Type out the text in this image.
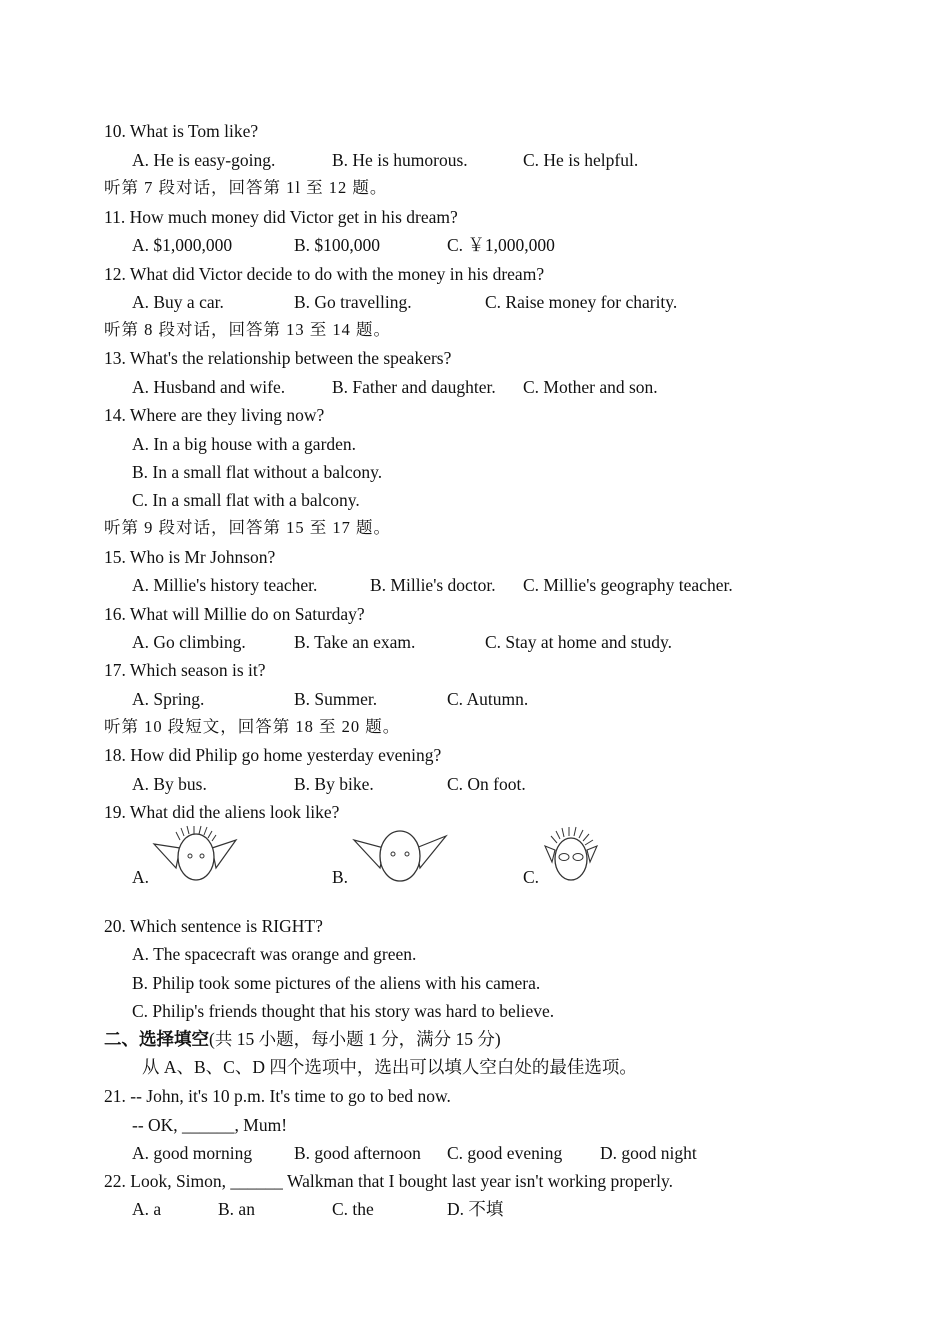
10. What is Tom like?
A. He is easy-going.	B. He is humorous.	C. He is helpful.
听第 7 段对话，回答第 1l 至 12 题。
11. How much money did Victor get in his dream?
A. $1,000,000	B. $100,000	C. ￥1,000,000
12. What did Victor decide to do with the money in his dream?
A. Buy a car.	B. Go travelling.	C. Raise money for charity.
听第 8 段对话，回答第 13 至 14 题。
13. What's the relationship between the speakers?
A. Husband and wife.	B. Father and daughter. C. Mother and son.
14. Where are they living now?
A. In a big house with a garden.
B. In a small flat without a balcony.
C. In a small flat with a balcony.
听第 9 段对话，回答第 15 至 17 题。
15. Who is Mr Johnson?
A. Millie's history teacher.	B. Millie's doctor. C. Millie's geography teacher.
16. What will Millie do on Saturday?
A. Go climbing.	B. Take an exam.	C. Stay at home and study.
17. Which season is it?
A. Spring.	B. Summer.	C. Autumn.
听第 10 段短文，回答第 18 至 20 题。
18. How did Philip go home yesterday evening?
A. By bus.	B. By bike.	C. On foot.
19. What did the aliens look like?
A.	B.	C.
20. Which sentence is RIGHT?
A. The spacecraft was orange and green.
B. Philip took some pictures of the aliens with his camera.
C. Philip's friends thought that his story was hard to believe.
二、选择填空(共 15 小题，每小题 1 分，满分 15 分)
从 A、B、C、D 四个选项中，选出可以填人空白处的最佳选项。
21. -- John, it's 10 p.m. It's time to go to bed now.
-- OK, ______, Mum!
A. good morning B. good afternoon C. good evening D. good night
22. Look, Simon, ______ Walkman that I bought last year isn't working properly.
A. a	B. an	C. the	D. 不填
